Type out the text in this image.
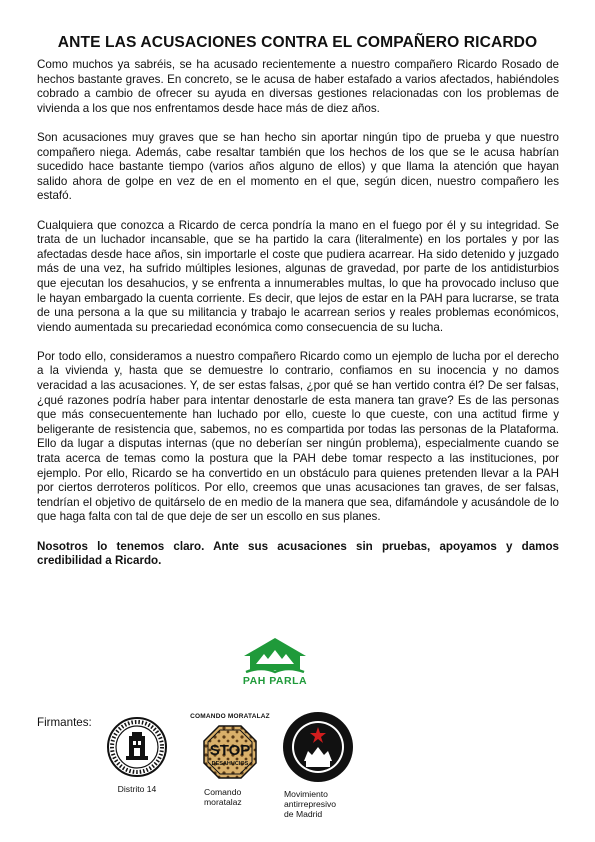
ANTE LAS ACUSACIONES CONTRA EL COMPAÑERO RICARDO

Como muchos ya sabréis, se ha acusado recientemente a nuestro compañero Ricardo Rosado de hechos bastante graves. En concreto, se le acusa de haber estafado a varios afectados, habiéndoles cobrado a cambio de ofrecer su ayuda en diversas gestiones relacionadas con los problemas de vivienda a los que nos enfrentamos desde hace más de diez años.

Son acusaciones muy graves que se han hecho sin aportar ningún tipo de prueba y que nuestro compañero niega. Además, cabe resaltar también que los hechos de los que se le acusa habrían sucedido hace bastante tiempo (varios años alguno de ellos) y que llama la atención que hayan salido ahora de golpe en vez de en el momento en el que, según dicen, nuestro compañero les estafó.

Cualquiera que conozca a Ricardo de cerca pondría la mano en el fuego por él y su integridad. Se trata de un luchador incansable, que se ha partido la cara (literalmente) en los portales y por las afectadas desde hace años, sin importarle el coste que pudiera acarrear. Ha sido detenido y juzgado más de una vez, ha sufrido múltiples lesiones, algunas de gravedad, por parte de los antidisturbios que ejecutan los desahucios, y se enfrenta a innumerables multas, lo que ha provocado incluso que le hayan embargado la cuenta corriente. Es decir, que lejos de estar en la PAH para lucrarse, se trata de una persona a la que su militancia y trabajo le acarrean serios y reales problemas económicos, viendo aumentada su precariedad económica como consecuencia de su lucha.

Por todo ello, consideramos a nuestro compañero Ricardo como un ejemplo de lucha por el derecho a la vivienda y, hasta que se demuestre lo contrario, confiamos en su inocencia y no damos veracidad a las acusaciones. Y, de ser estas falsas, ¿por qué se han vertido contra él? De ser falsas, ¿qué razones podría haber para intentar denostarle de esta manera tan grave? Es de las personas que más consecuentemente han luchado por ello, cueste lo que cueste, con una actitud firme y beligerante de resistencia que, sabemos, no es compartida por todas las personas de la Plataforma. Ello da lugar a disputas internas (que no deberían ser ningún problema), especialmente cuando se trata acerca de temas como la postura que la PAH debe tomar respecto a las instituciones, por ejemplo. Por ello, Ricardo se ha convertido en un obstáculo para quienes pretenden llevar a la PAH por ciertos derroteros políticos. Por ello, creemos que unas acusaciones tan graves, de ser falsas, tendrían el objetivo de quitárselo de en medio de la manera que sea, difamándole y acusándole de lo que haga falta con tal de que deje de ser un escollo en sus planes.

Nosotros lo tenemos claro. Ante sus acusaciones sin pruebas, apoyamos y damos credibilidad a Ricardo.

PAH PARLA
Firmantes:
Distrito 14
COMANDO MORATALAZ
STOP
DESAHUCIOS
Comando
moratalaz
Movimiento
antirrepresivo
de Madrid
